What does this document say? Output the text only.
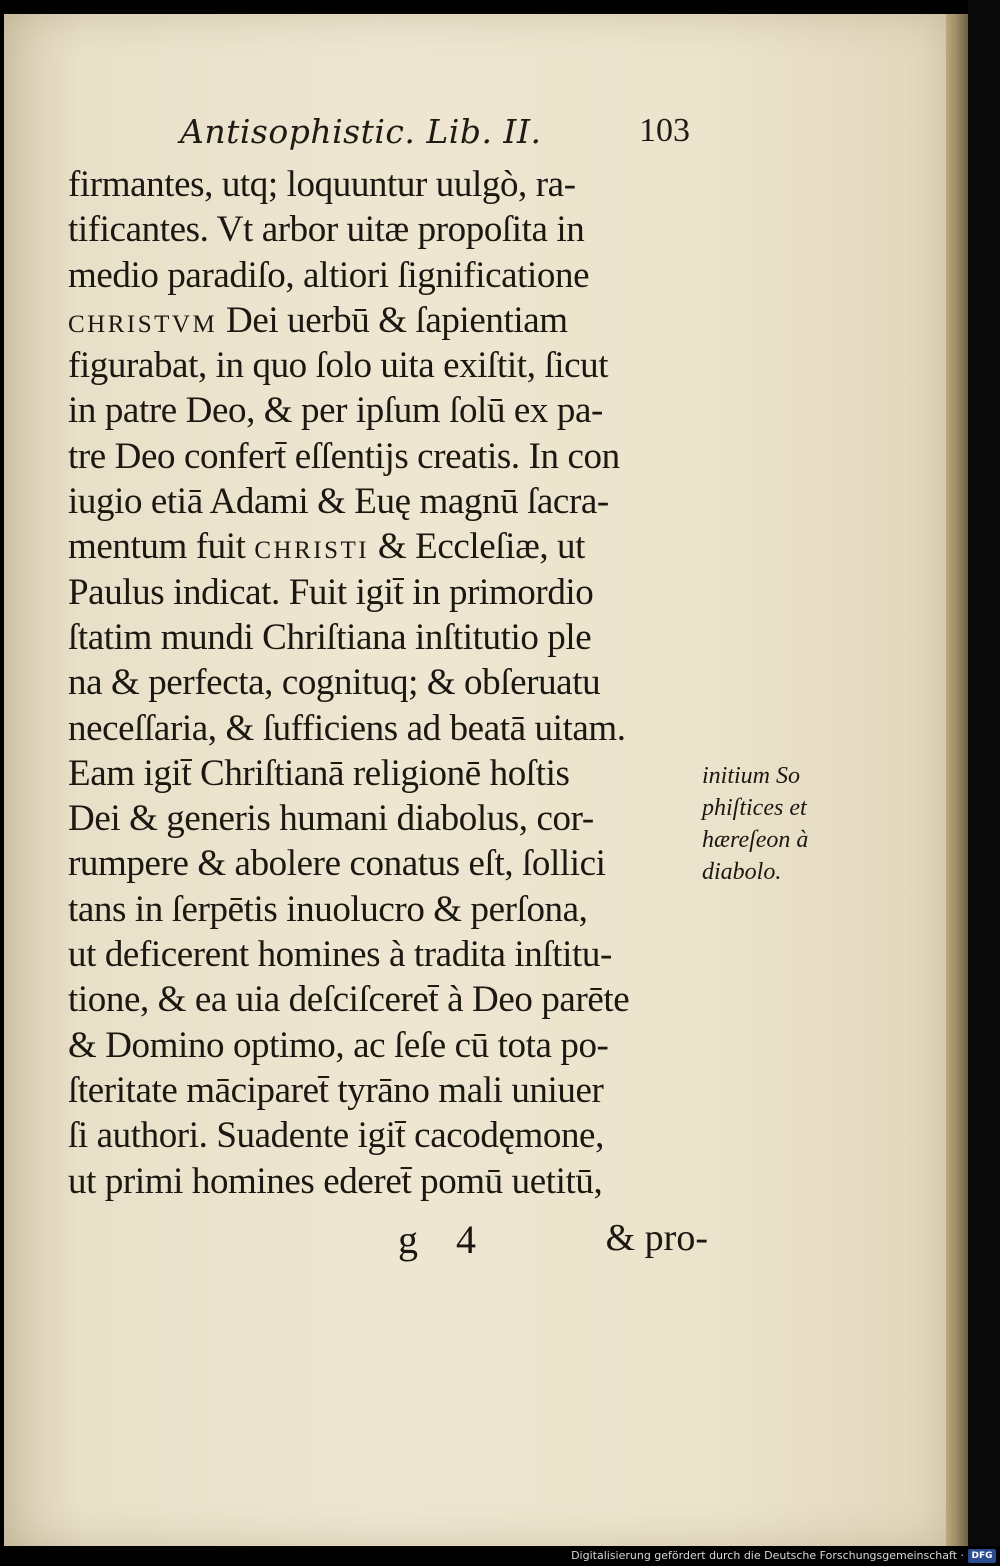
Antisophistic. Lib. II.	103
firmantes, utq; loquuntur uulgò, ra-
tificantes. Vt arbor uitæ propoſita in
medio paradiſo, altiori ſignificatione
CHRISTVM Dei uerbū & ſapientiam
figurabat, in quo ſolo uita exiſtit, ſicut
in patre Deo, & per ipſum ſolū ex pa-
tre Deo confert̄ eſſentijs creatis. In con
iugio etiā Adami & Euę magnū ſacra-
mentum fuit CHRISTI & Eccleſiæ, ut
Paulus indicat. Fuit igit̄ in primordio
ſtatim mundi Chriſtiana inſtitutio ple
na & perfecta, cognituq; & obſeruatu
neceſſaria, & ſufficiens ad beatā uitam.
Eam igit̄ Chriſtianā religionē hoſtis
Dei & generis humani diabolus, cor-
rumpere & abolere conatus eſt, ſollici
tans in ſerpētis inuolucro & perſona,
ut deficerent homines à tradita inſtitu-
tione, & ea uia deſciſceret̄ à Deo parēte
& Domino optimo, ac ſeſe cū tota po-
ſteritate māciparet̄ tyrāno mali uniuer
ſi authori. Suadente igit̄ cacodęmone,
ut primi homines ederet̄ pomū uetitū,
initium So
phiſtices et
hæreſeon à
diabolo.
g 4	& pro-
Digitalisierung gefördert durch die Deutsche Forschungsgemeinschaft · DFG
